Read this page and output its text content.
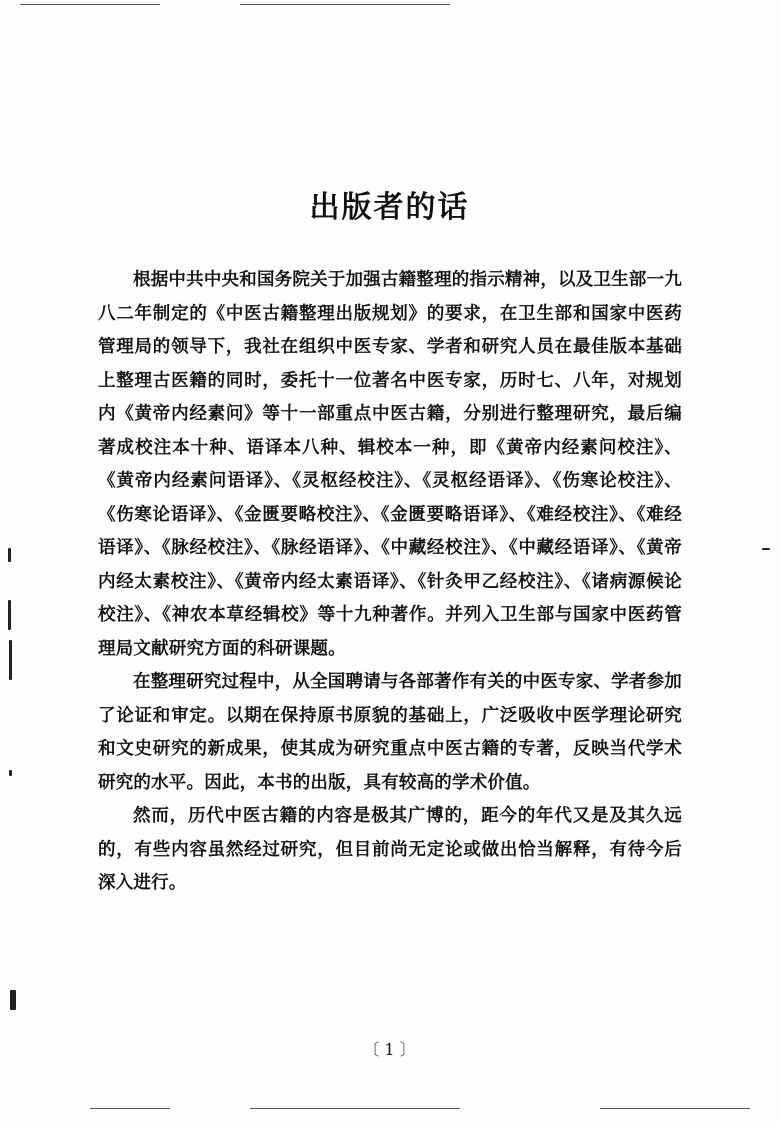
出版者的话

根据中共中央和国务院关于加强古籍整理的指示精神，以及卫生部一九八二年制定的《中医古籍整理出版规划》的要求，在卫生部和国家中医药管理局的领导下，我社在组织中医专家、学者和研究人员在最佳版本基础上整理古医籍的同时，委托十一位著名中医专家，历时七、八年，对规划内《黄帝内经素问》等十一部重点中医古籍，分别进行整理研究，最后编著成校注本十种、语译本八种、辑校本一种，即《黄帝内经素问校注》、《黄帝内经素问语译》、《灵枢经校注》、《灵枢经语译》、《伤寒论校注》、《伤寒论语译》、《金匮要略校注》、《金匮要略语译》、《难经校注》、《难经语译》、《脉经校注》、《脉经语译》、《中藏经校注》、《中藏经语译》、《黄帝内经太素校注》、《黄帝内经太素语译》、《针灸甲乙经校注》、《诸病源候论校注》、《神农本草经辑校》等十九种著作。并列入卫生部与国家中医药管理局文献研究方面的科研课题。

在整理研究过程中，从全国聘请与各部著作有关的中医专家、学者参加了论证和审定。以期在保持原书原貌的基础上，广泛吸收中医学理论研究和文史研究的新成果，使其成为研究重点中医古籍的专著，反映当代学术研究的水平。因此，本书的出版，具有较高的学术价值。

然而，历代中医古籍的内容是极其广博的，距今的年代又是及其久远的，有些内容虽然经过研究，但目前尚无定论或做出恰当解释，有待今后深入进行。

〔 1 〕
